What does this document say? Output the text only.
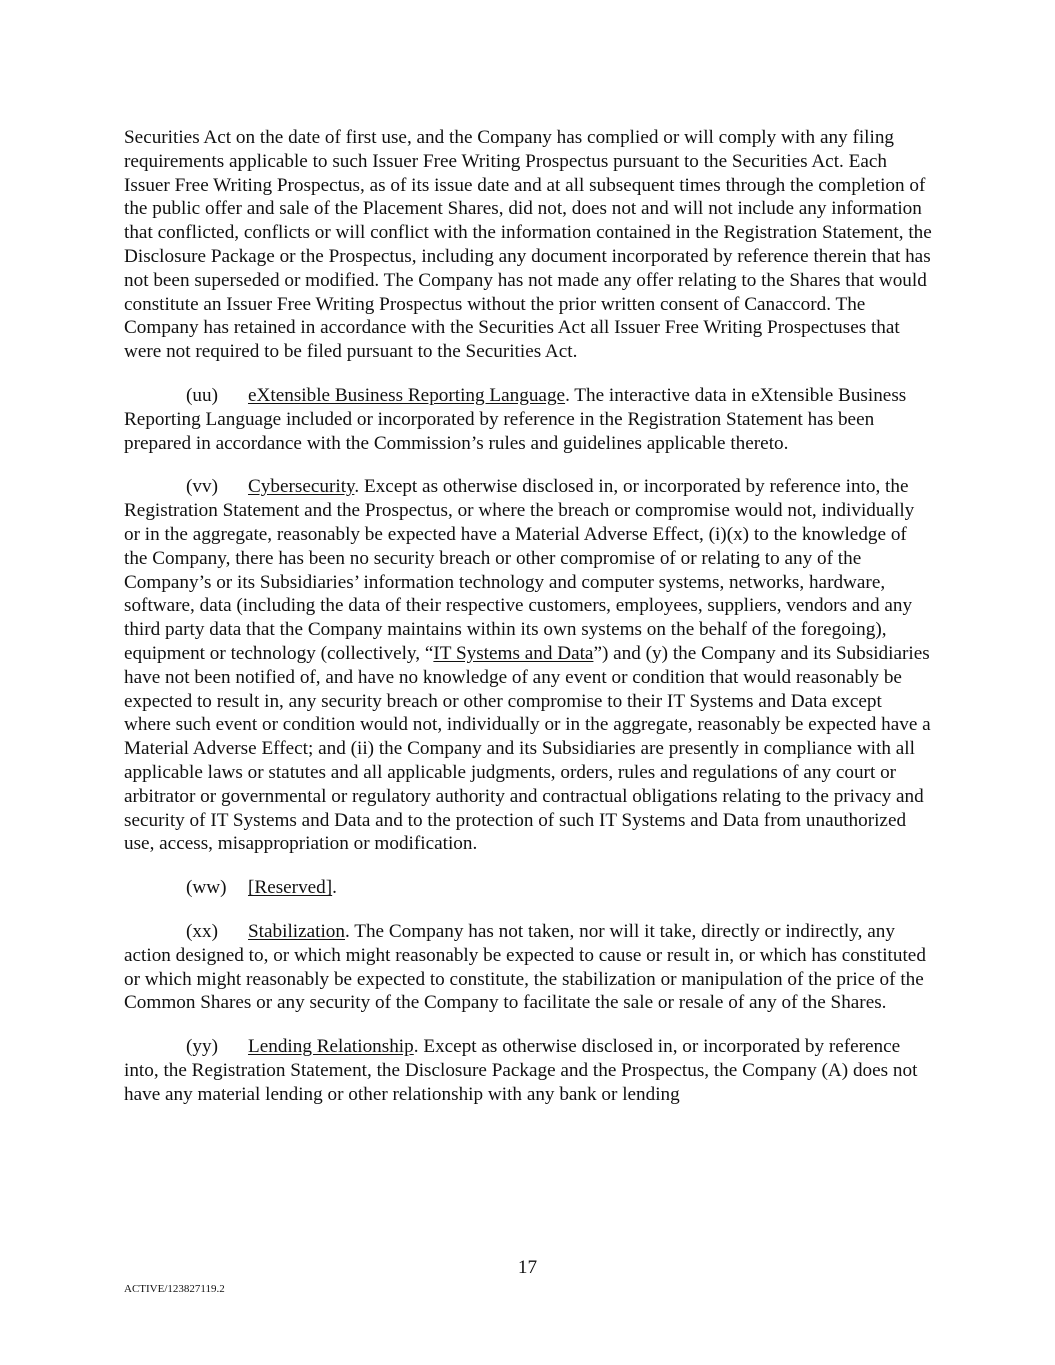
Securities Act on the date of first use, and the Company has complied or will comply with any filing requirements applicable to such Issuer Free Writing Prospectus pursuant to the Securities Act. Each Issuer Free Writing Prospectus, as of its issue date and at all subsequent times through the completion of the public offer and sale of the Placement Shares, did not, does not and will not include any information that conflicted, conflicts or will conflict with the information contained in the Registration Statement, the Disclosure Package or the Prospectus, including any document incorporated by reference therein that has not been superseded or modified. The Company has not made any offer relating to the Shares that would constitute an Issuer Free Writing Prospectus without the prior written consent of Canaccord. The Company has retained in accordance with the Securities Act all Issuer Free Writing Prospectuses that were not required to be filed pursuant to the Securities Act.

(uu) eXtensible Business Reporting Language. The interactive data in eXtensible Business Reporting Language included or incorporated by reference in the Registration Statement has been prepared in accordance with the Commission’s rules and guidelines applicable thereto.

(vv) Cybersecurity. Except as otherwise disclosed in, or incorporated by reference into, the Registration Statement and the Prospectus, or where the breach or compromise would not, individually or in the aggregate, reasonably be expected have a Material Adverse Effect, (i)(x) to the knowledge of the Company, there has been no security breach or other compromise of or relating to any of the Company’s or its Subsidiaries’ information technology and computer systems, networks, hardware, software, data (including the data of their respective customers, employees, suppliers, vendors and any third party data that the Company maintains within its own systems on the behalf of the foregoing), equipment or technology (collectively, “IT Systems and Data”) and (y) the Company and its Subsidiaries have not been notified of, and have no knowledge of any event or condition that would reasonably be expected to result in, any security breach or other compromise to their IT Systems and Data except where such event or condition would not, individually or in the aggregate, reasonably be expected have a Material Adverse Effect; and (ii) the Company and its Subsidiaries are presently in compliance with all applicable laws or statutes and all applicable judgments, orders, rules and regulations of any court or arbitrator or governmental or regulatory authority and contractual obligations relating to the privacy and security of IT Systems and Data and to the protection of such IT Systems and Data from unauthorized use, access, misappropriation or modification.

(ww) [Reserved].

(xx) Stabilization. The Company has not taken, nor will it take, directly or indirectly, any action designed to, or which might reasonably be expected to cause or result in, or which has constituted or which might reasonably be expected to constitute, the stabilization or manipulation of the price of the Common Shares or any security of the Company to facilitate the sale or resale of any of the Shares.

(yy) Lending Relationship. Except as otherwise disclosed in, or incorporated by reference into, the Registration Statement, the Disclosure Package and the Prospectus, the Company (A) does not have any material lending or other relationship with any bank or lending

17
ACTIVE/123827119.2
